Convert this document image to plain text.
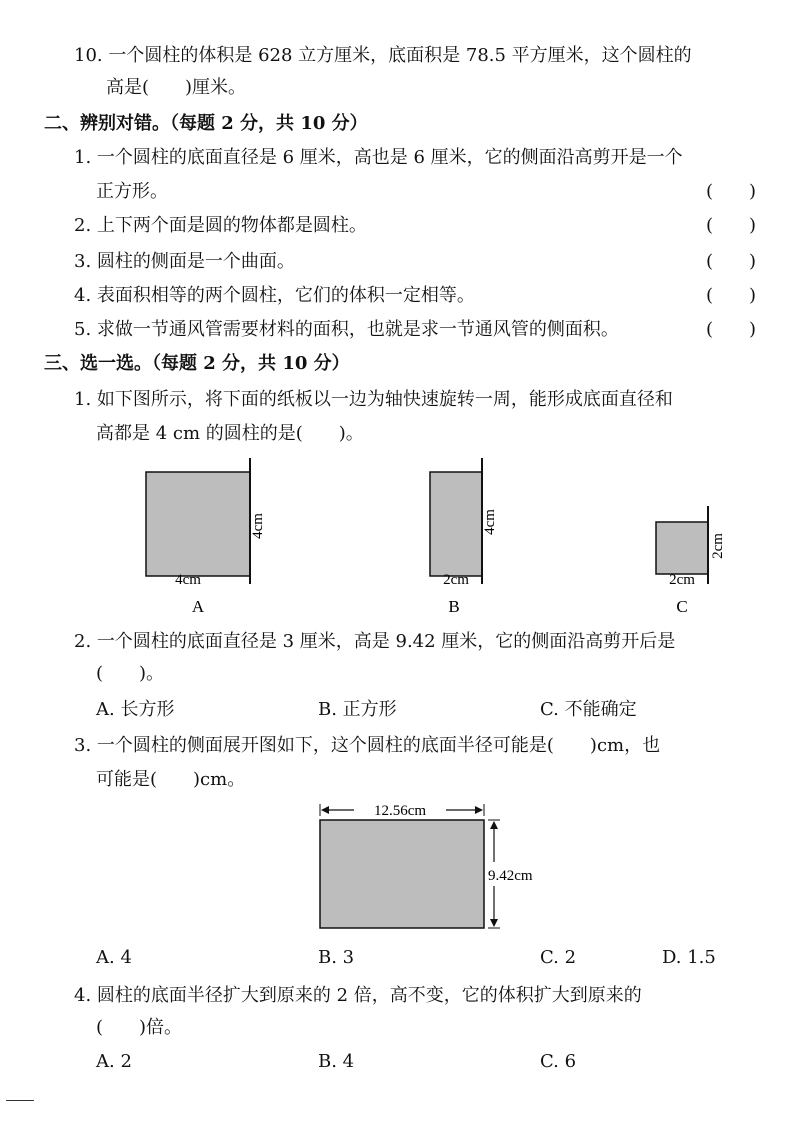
10. 一个圆柱的体积是 628 立方厘米，底面积是 78.5 平方厘米，这个圆柱的
高是(　　)厘米。
二、辨别对错。（每题 2 分，共 10 分）
1. 一个圆柱的底面直径是 6 厘米，高也是 6 厘米，它的侧面沿高剪开是一个
正方形。	(　　)
2. 上下两个面是圆的物体都是圆柱。	(　　)
3. 圆柱的侧面是一个曲面。	(　　)
4. 表面积相等的两个圆柱，它们的体积一定相等。	(　　)
5. 求做一节通风管需要材料的面积，也就是求一节通风管的侧面积。	(　　)
三、选一选。（每题 2 分，共 10 分）
1. 如下图所示，将下面的纸板以一边为轴快速旋转一周，能形成底面直径和
高都是 4 cm 的圆柱的是(　　)。
4cm
4cm
A
2cm
4cm
B
2cm
2cm
C
2. 一个圆柱的底面直径是 3 厘米，高是 9.42 厘米，它的侧面沿高剪开后是
(　　)。
A. 长方形	B. 正方形	C. 不能确定
3. 一个圆柱的侧面展开图如下，这个圆柱的底面半径可能是(　　)cm，也
可能是(　　)cm。
12.56cm
9.42cm
A. 4	B. 3	C. 2	D. 1.5
4. 圆柱的底面半径扩大到原来的 2 倍，高不变，它的体积扩大到原来的
(　　)倍。
A. 2	B. 4	C. 6
